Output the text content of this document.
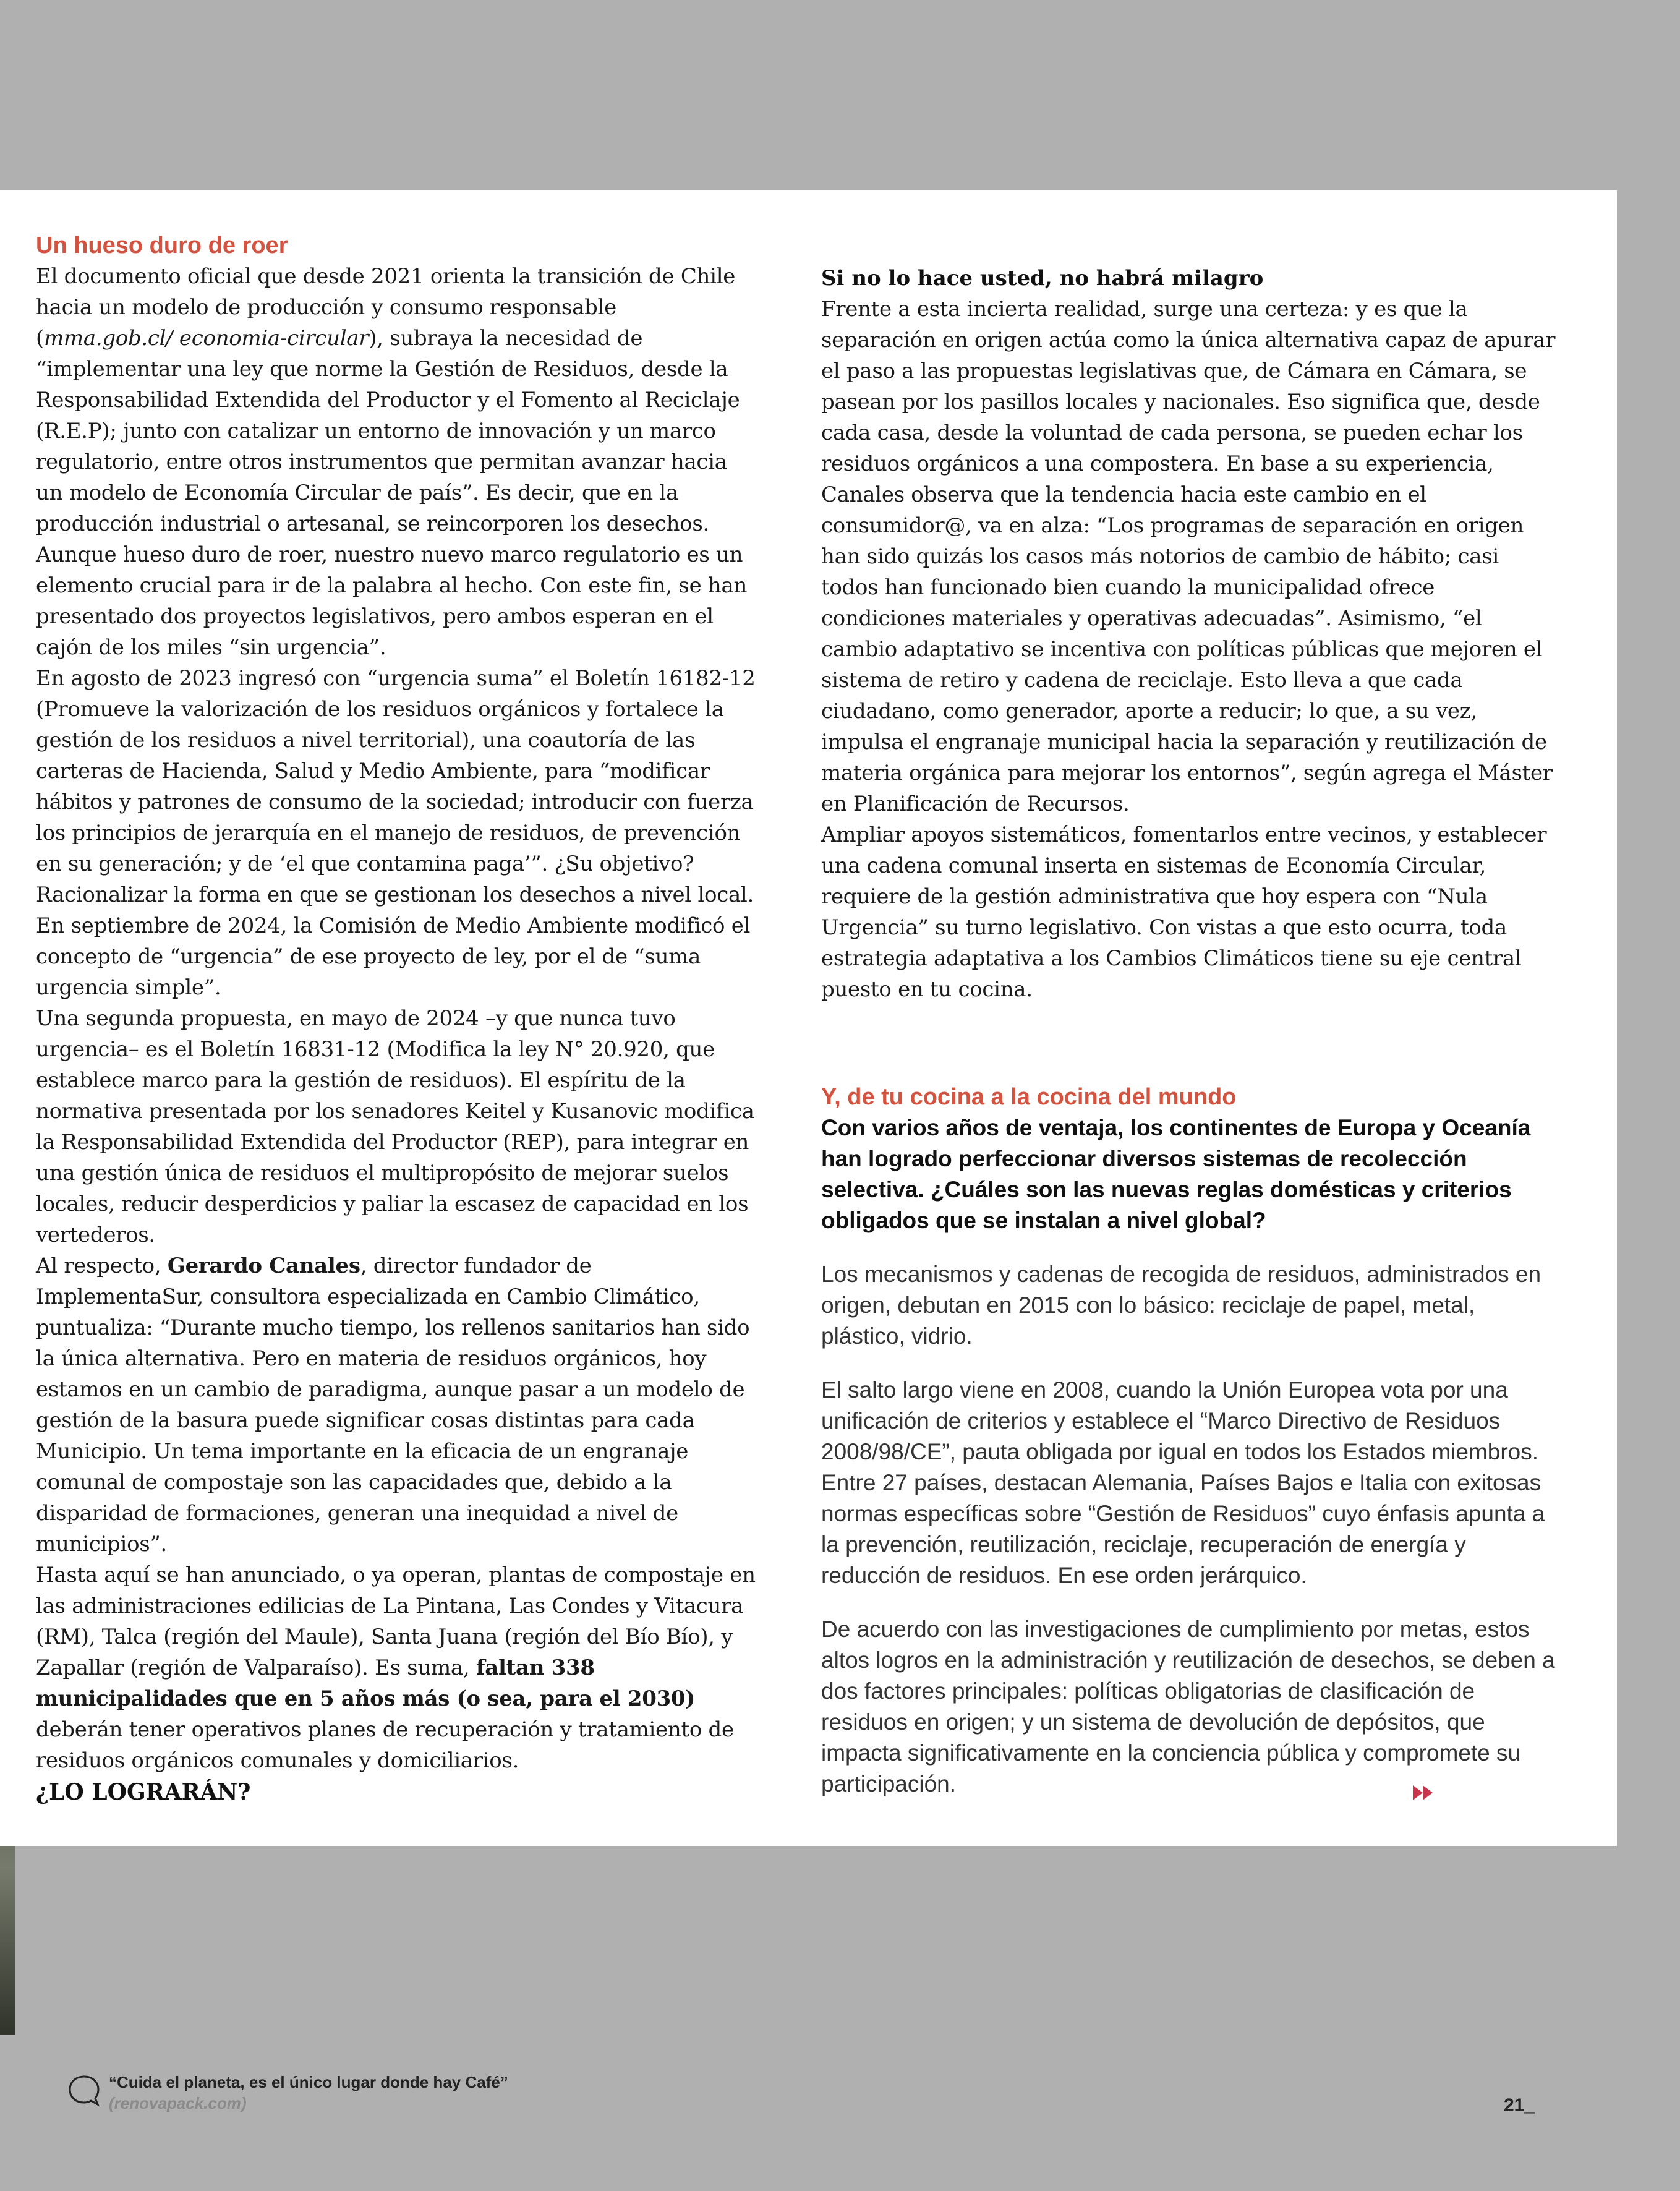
Un hueso duro de roer

El documento oficial que desde 2021 orienta la transición de Chile hacia un modelo de producción y consumo responsable (mma.gob.cl/ economia-circular), subraya la necesidad de “implementar una ley que norme la Gestión de Residuos, desde la Responsabilidad Extendida del Productor y el Fomento al Reciclaje (R.E.P); junto con catalizar un entorno de innovación y un marco regulatorio, entre otros instrumentos que permitan avanzar hacia un modelo de Economía Circular de país”. Es decir, que en la producción industrial o artesanal, se reincorporen los desechos.

Aunque hueso duro de roer, nuestro nuevo marco regulatorio es un elemento crucial para ir de la palabra al hecho. Con este fin, se han presentado dos proyectos legislativos, pero ambos esperan en el cajón de los miles “sin urgencia”.

En agosto de 2023 ingresó con “urgencia suma” el Boletín 16182-12 (Promueve la valorización de los residuos orgánicos y fortalece la gestión de los residuos a nivel territorial), una coautoría de las carteras de Hacienda, Salud y Medio Ambiente, para “modificar hábitos y patrones de consumo de la sociedad; introducir con fuerza los principios de jerarquía en el manejo de residuos, de prevención en su generación; y de ‘el que contamina paga’”. ¿Su objetivo? Racionalizar la forma en que se gestionan los desechos a nivel local. En septiembre de 2024, la Comisión de Medio Ambiente modificó el concepto de “urgencia” de ese proyecto de ley, por el de “suma urgencia simple”.

Una segunda propuesta, en mayo de 2024 –y que nunca tuvo urgencia– es el Boletín 16831-12 (Modifica la ley N° 20.920, que establece marco para la gestión de residuos). El espíritu de la normativa presentada por los senadores Keitel y Kusanovic modifica la Responsabilidad Extendida del Productor (REP), para integrar en una gestión única de residuos el multipropósito de mejorar suelos locales, reducir desperdicios y paliar la escasez de capacidad en los vertederos.

Al respecto, Gerardo Canales, director fundador de ImplementaSur, consultora especializada en Cambio Climático, puntualiza: “Durante mucho tiempo, los rellenos sanitarios han sido la única alternativa. Pero en materia de residuos orgánicos, hoy estamos en un cambio de paradigma, aunque pasar a un modelo de gestión de la basura puede significar cosas distintas para cada Municipio. Un tema importante en la eficacia de un engranaje comunal de compostaje son las capacidades que, debido a la disparidad de formaciones, generan una inequidad a nivel de municipios”.

Hasta aquí se han anunciado, o ya operan, plantas de compostaje en las administraciones edilicias de La Pintana, Las Condes y Vitacura (RM), Talca (región del Maule), Santa Juana (región del Bío Bío), y Zapallar (región de Valparaíso). Es suma, faltan 338 municipalidades que en 5 años más (o sea, para el 2030) deberán tener operativos planes de recuperación y tratamiento de residuos orgánicos comunales y domiciliarios.

¿LO LOGRARÁN?

Si no lo hace usted, no habrá milagro

Frente a esta incierta realidad, surge una certeza: y es que la separación en origen actúa como la única alternativa capaz de apurar el paso a las propuestas legislativas que, de Cámara en Cámara, se pasean por los pasillos locales y nacionales. Eso significa que, desde cada casa, desde la voluntad de cada persona, se pueden echar los residuos orgánicos a una compostera. En base a su experiencia, Canales observa que la tendencia hacia este cambio en el consumidor@, va en alza: “Los programas de separación en origen han sido quizás los casos más notorios de cambio de hábito; casi todos han funcionado bien cuando la municipalidad ofrece condiciones materiales y operativas adecuadas”. Asimismo, “el cambio adaptativo se incentiva con políticas públicas que mejoren el sistema de retiro y cadena de reciclaje. Esto lleva a que cada ciudadano, como generador, aporte a reducir; lo que, a su vez, impulsa el engranaje municipal hacia la separación y reutilización de materia orgánica para mejorar los entornos”, según agrega el Máster en Planificación de Recursos.

Ampliar apoyos sistemáticos, fomentarlos entre vecinos, y establecer una cadena comunal inserta en sistemas de Economía Circular, requiere de la gestión administrativa que hoy espera con “Nula Urgencia” su turno legislativo. Con vistas a que esto ocurra, toda estrategia adaptativa a los Cambios Climáticos tiene su eje central puesto en tu cocina.

Y, de tu cocina a la cocina del mundo

Con varios años de ventaja, los continentes de Europa y Oceanía han logrado perfeccionar diversos sistemas de recolección selectiva. ¿Cuáles son las nuevas reglas domésticas y criterios obligados que se instalan a nivel global?

Los mecanismos y cadenas de recogida de residuos, administrados en origen, debutan en 2015 con lo básico: reciclaje de papel, metal, plástico, vidrio.

El salto largo viene en 2008, cuando la Unión Europea vota por una unificación de criterios y establece el “Marco Directivo de Residuos 2008/98/CE”, pauta obligada por igual en todos los Estados miembros. Entre 27 países, destacan Alemania, Países Bajos e Italia con exitosas normas específicas sobre “Gestión de Residuos” cuyo énfasis apunta a la prevención, reutilización, reciclaje, recuperación de energía y reducción de residuos. En ese orden jerárquico.

De acuerdo con las investigaciones de cumplimiento por metas, estos altos logros en la administración y reutilización de desechos, se deben a dos factores principales: políticas obligatorias de clasificación de residuos en origen; y un sistema de devolución de depósitos, que impacta significativamente en la conciencia pública y compromete su participación.

“Cuida el planeta, es el único lugar donde hay Café”
(renovapack.com)	21_
